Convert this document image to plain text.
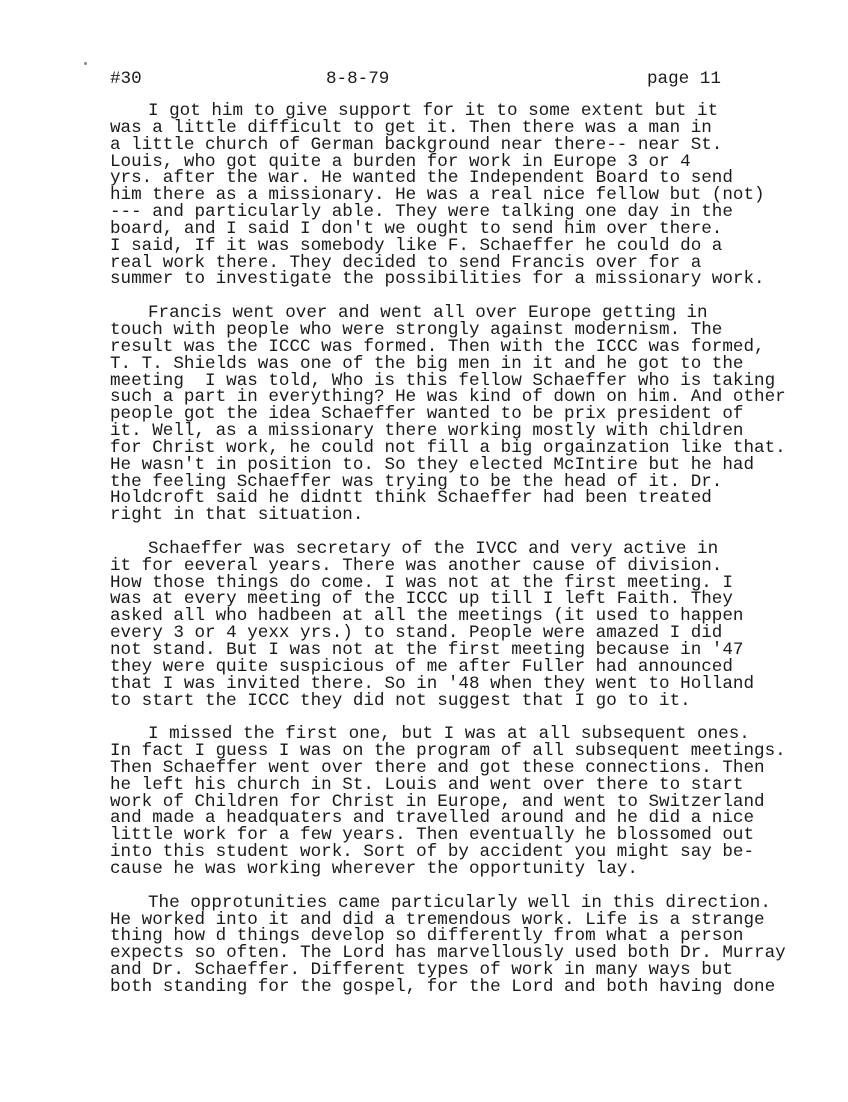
#30	8-8-79	page 11
I got him to give support for it to some extent but it
was a little difficult to get it. Then there was a man in
a little church of German background near there-- near St.
Louis, who got quite a burden for work in Europe 3 or 4
yrs. after the war. He wanted the Independent Board to send
him there as a missionary. He was a real nice fellow but (not)
--- and particularly able. They were talking one day in the
board, and I said I don't we ought to send him over there.
I said, If it was somebody like F. Schaeffer he could do a
real work there. They decided to send Francis over for a
summer to investigate the possibilities for a missionary work.
Francis went over and went all over Europe getting in
touch with people who were strongly against modernism. The
result was the ICCC was formed. Then with the ICCC was formed,
T. T. Shields was one of the big men in it and he got to the
meeting  I was told, Who is this fellow Schaeffer who is taking
such a part in everything? He was kind of down on him. And other
people got the idea Schaeffer wanted to be prix president of
it. Well, as a missionary there working mostly with children
for Christ work, he could not fill a big orgainzation like that.
He wasn't in position to. So they elected McIntire but he had
the feeling Schaeffer was trying to be the head of it. Dr.
Holdcroft said he didntt think Schaeffer had been treated
right in that situation.
Schaeffer was secretary of the IVCC and very active in
it for eeveral years. There was another cause of division.
How those things do come. I was not at the first meeting. I
was at every meeting of the ICCC up till I left Faith. They
asked all who hadbeen at all the meetings (it used to happen
every 3 or 4 yexx yrs.) to stand. People were amazed I did
not stand. But I was not at the first meeting because in '47
they were quite suspicious of me after Fuller had announced
that I was invited there. So in '48 when they went to Holland
to start the ICCC they did not suggest that I go to it.
I missed the first one, but I was at all subsequent ones.
In fact I guess I was on the program of all subsequent meetings.
Then Schaeffer went over there and got these connections. Then
he left his church in St. Louis and went over there to start
work of Children for Christ in Europe, and went to Switzerland
and made a headquaters and travelled around and he did a nice
little work for a few years. Then eventually he blossomed out
into this student work. Sort of by accident you might say be-
cause he was working wherever the opportunity lay.
The opprotunities came particularly well in this direction.
He worked into it and did a tremendous work. Life is a strange
thing how d things develop so differently from what a person
expects so often. The Lord has marvellously used both Dr. Murray
and Dr. Schaeffer. Different types of work in many ways but
both standing for the gospel, for the Lord and both having done
